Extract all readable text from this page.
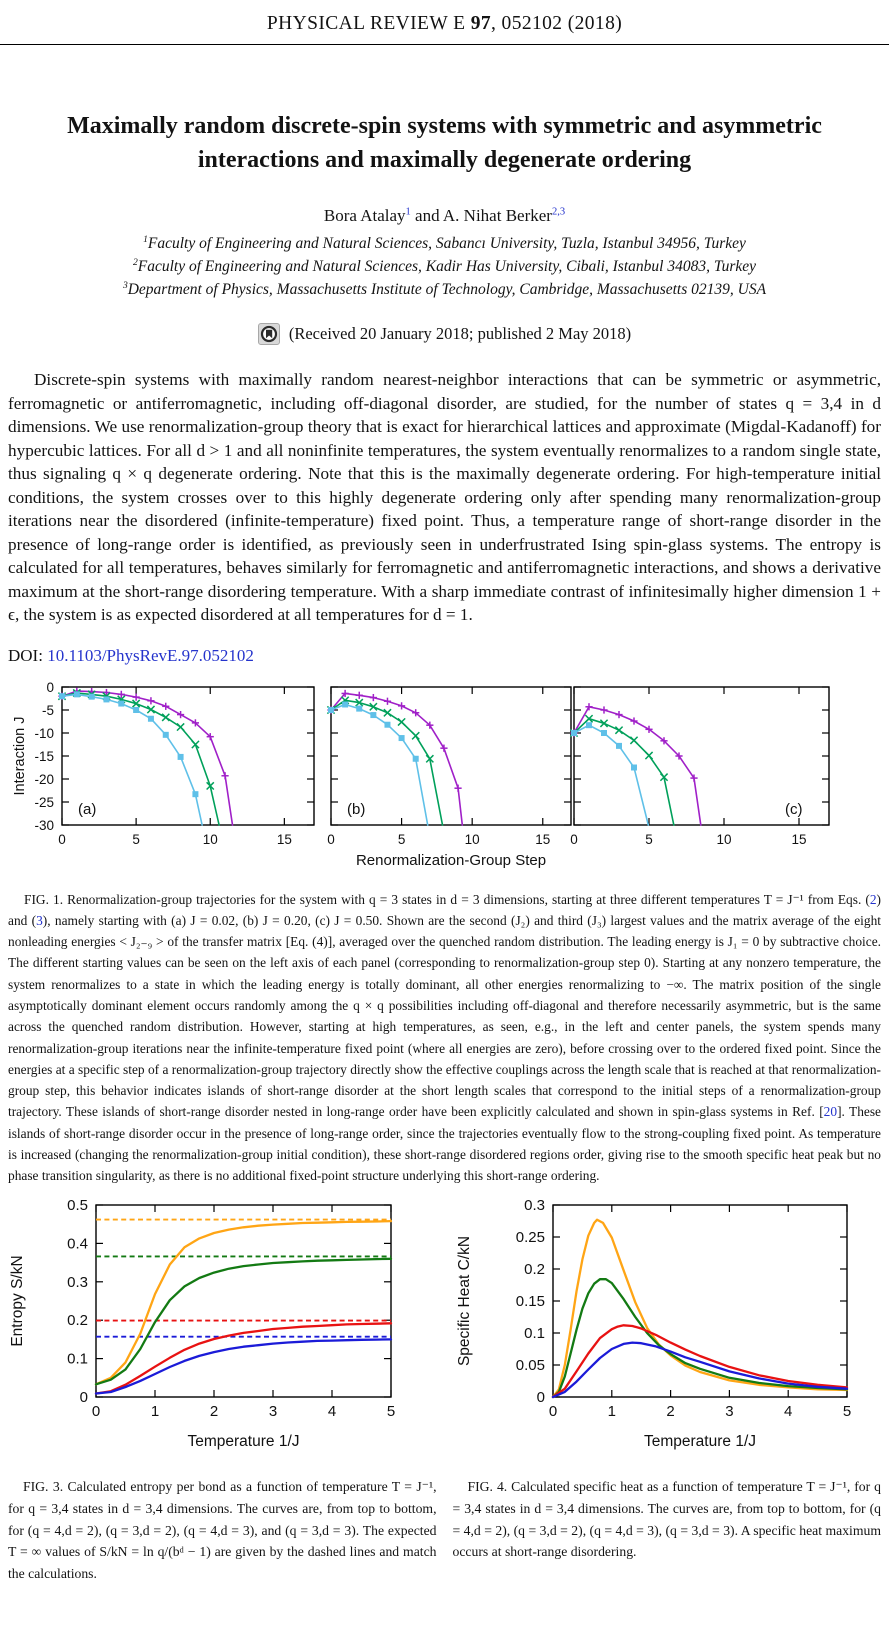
PHYSICAL REVIEW E 97, 052102 (2018)
Maximally random discrete-spin systems with symmetric and asymmetric
interactions and maximally degenerate ordering
Bora Atalay$^1$ and A. Nihat Berker$^{2,3}$
$^1$Faculty of Engineering and Natural Sciences, Sabancı University, Tuzla, Istanbul 34956, Turkey
$^2$Faculty of Engineering and Natural Sciences, Kadir Has University, Cibali, Istanbul 34083, Turkey
$^3$Department of Physics, Massachusetts Institute of Technology, Cambridge, Massachusetts 02139, USA
(Received 20 January 2018; published 2 May 2018)

Discrete-spin systems with maximally random nearest-neighbor interactions that can be symmetric or asymmetric, ferromagnetic or antiferromagnetic, including off-diagonal disorder, are studied, for the number of states q = 3,4 in d dimensions. We use renormalization-group theory that is exact for hierarchical lattices and approximate (Migdal-Kadanoff) for hypercubic lattices. For all d > 1 and all noninfinite temperatures, the system eventually renormalizes to a random single state, thus signaling q × q degenerate ordering. Note that this is the maximally degenerate ordering. For high-temperature initial conditions, the system crosses over to this highly degenerate ordering only after spending many renormalization-group iterations near the disordered (infinite-temperature) fixed point. Thus, a temperature range of short-range disorder in the presence of long-range order is identified, as previously seen in underfrustrated Ising spin-glass systems. The entropy is calculated for all temperatures, behaves similarly for ferromagnetic and antiferromagnetic interactions, and shows a derivative maximum at the short-range disordering temperature. With a sharp immediate contrast of infinitesimally higher dimension 1 + ϵ, the system is as expected disordered at all temperatures for d = 1.

DOI: 10.1103/PhysRevE.97.052102
0	5	10	15
0
-5
-10
-15
-20
-25
-30
(a)
0	5	10	15
(b)
0	5	10	15
(c)
Interaction J
Renormalization-Group Step

FIG. 1. Renormalization-group trajectories for the system with q = 3 states in d = 3 dimensions, starting at three different temperatures T = J⁻¹ from Eqs. (2) and (3), namely starting with (a) J = 0.02, (b) J = 0.20, (c) J = 0.50. Shown are the second (J₂) and third (J₃) largest values and the matrix average of the eight nonleading energies < J₂₋₉ > of the transfer matrix [Eq. (4)], averaged over the quenched random distribution. The leading energy is J₁ = 0 by subtractive choice. The different starting values can be seen on the left axis of each panel (corresponding to renormalization-group step 0). Starting at any nonzero temperature, the system renormalizes to a state in which the leading energy is totally dominant, all other energies renormalizing to −∞. The matrix position of the single asymptotically dominant element occurs randomly among the q × q possibilities including off-diagonal and therefore necessarily asymmetric, but is the same across the quenched random distribution. However, starting at high temperatures, as seen, e.g., in the left and center panels, the system spends many renormalization-group iterations near the infinite-temperature fixed point (where all energies are zero), before crossing over to the ordered fixed point. Since the energies at a specific step of a renormalization-group trajectory directly show the effective couplings across the length scale that is reached at that renormalization-group step, this behavior indicates islands of short-range disorder at the short length scales that correspond to the initial steps of a renormalization-group trajectory. These islands of short-range disorder nested in long-range order have been explicitly calculated and shown in spin-glass systems in Ref. [20]. These islands of short-range disorder occur in the presence of long-range order, since the trajectories eventually flow to the strong-coupling fixed point. As temperature is increased (changing the renormalization-group initial condition), these short-range disordered regions order, giving rise to the smooth specific heat peak but no phase transition singularity, as there is no additional fixed-point structure underlying this short-range ordering.

0	1	2	3	4	5
0
0.1
0.2
0.3
0.4
0.5
Entropy S/kN
Temperature 1/J
0	1	2	3	4	5
0
0.05
0.1
0.15
0.2
0.25
0.3
Specific Heat C/kN
Temperature 1/J

FIG. 3. Calculated entropy per bond as a function of temperature T = J⁻¹, for q = 3,4 states in d = 3,4 dimensions. The curves are, from top to bottom, for (q = 4,d = 2), (q = 3,d = 2), (q = 4,d = 3), and (q = 3,d = 3). The expected T = ∞ values of S/kN = ln q/(bᵈ − 1) are given by the dashed lines and match the calculations.

FIG. 4. Calculated specific heat as a function of temperature T = J⁻¹, for q = 3,4 states in d = 3,4 dimensions. The curves are, from top to bottom, for (q = 4,d = 2), (q = 3,d = 2), (q = 4,d = 3), (q = 3,d = 3). A specific heat maximum occurs at short-range disordering.
